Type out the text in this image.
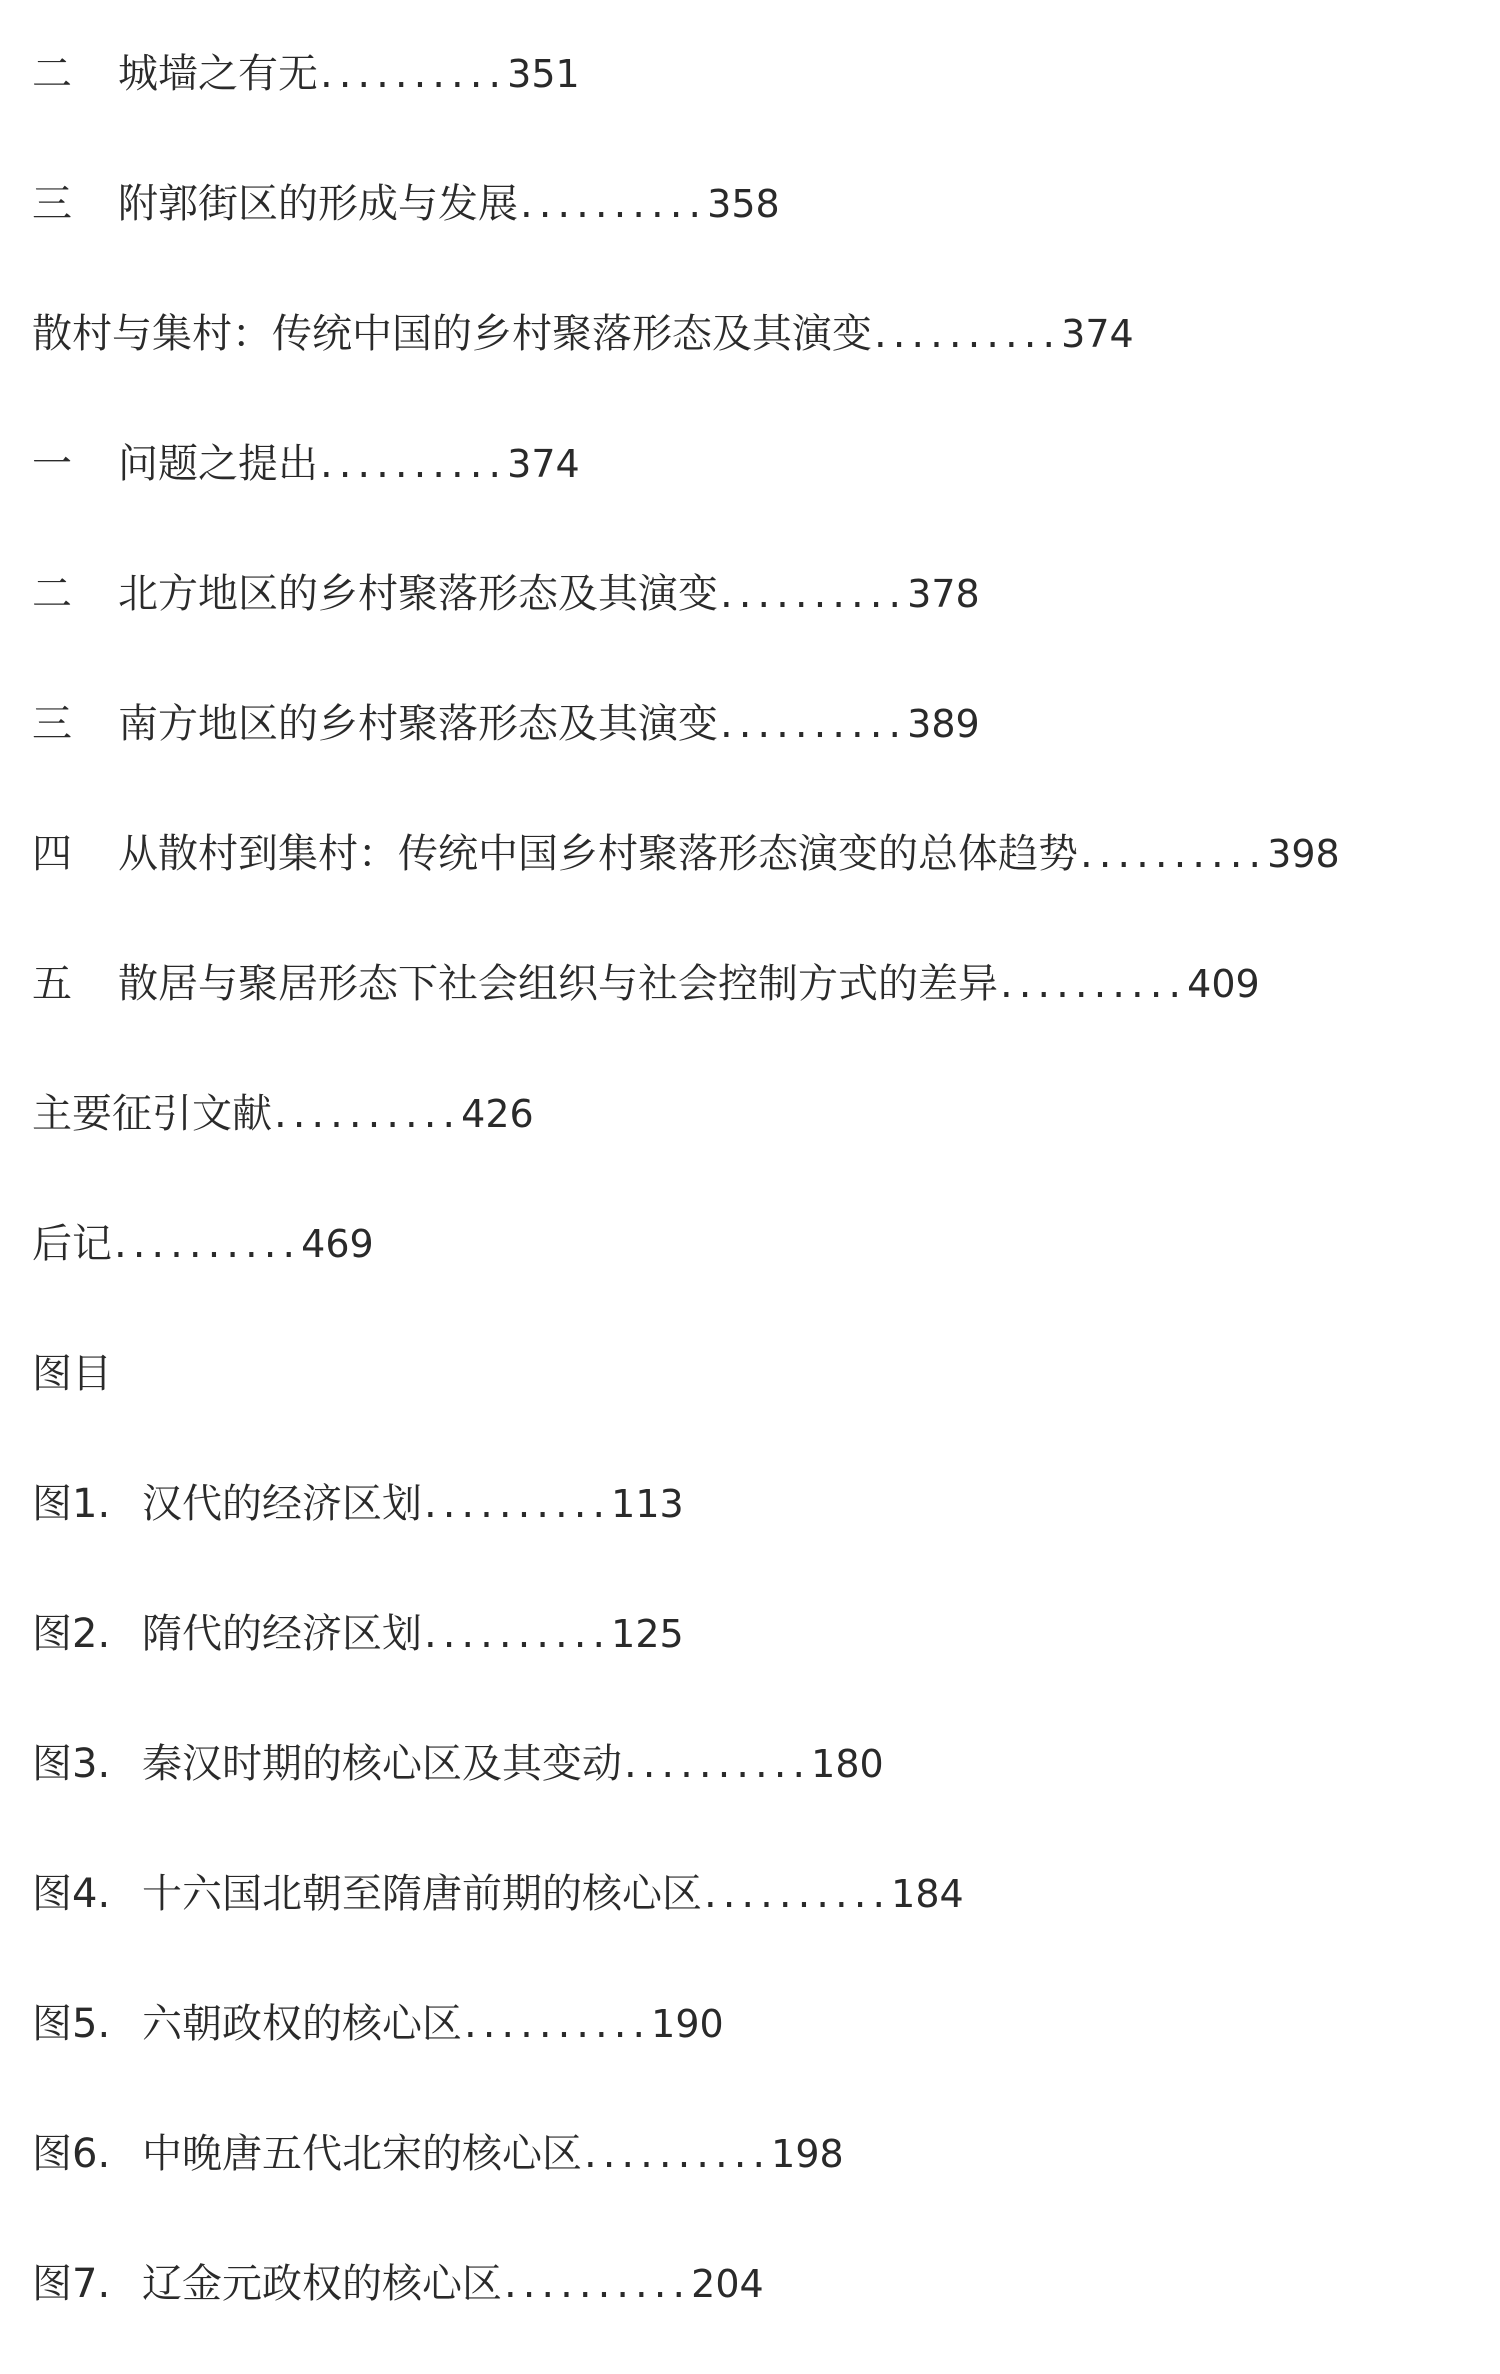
二	城墙之有无 .......... 351
三	附郭街区的形成与发展 .......... 358
散村与集村：传统中国的乡村聚落形态及其演变 .......... 374
一	问题之提出 .......... 374
二	北方地区的乡村聚落形态及其演变 .......... 378
三	南方地区的乡村聚落形态及其演变 .......... 389
四	从散村到集村：传统中国乡村聚落形态演变的总体趋势 .......... 398
五	散居与聚居形态下社会组织与社会控制方式的差异 .......... 409
主要征引文献 .......... 426
后记 .......... 469
图目
图1. 汉代的经济区划 .......... 113
图2. 隋代的经济区划 .......... 125
图3. 秦汉时期的核心区及其变动 .......... 180
图4. 十六国北朝至隋唐前期的核心区 .......... 184
图5. 六朝政权的核心区 .......... 190
图6. 中晚唐五代北宋的核心区 .......... 198
图7. 辽金元政权的核心区 .......... 204
